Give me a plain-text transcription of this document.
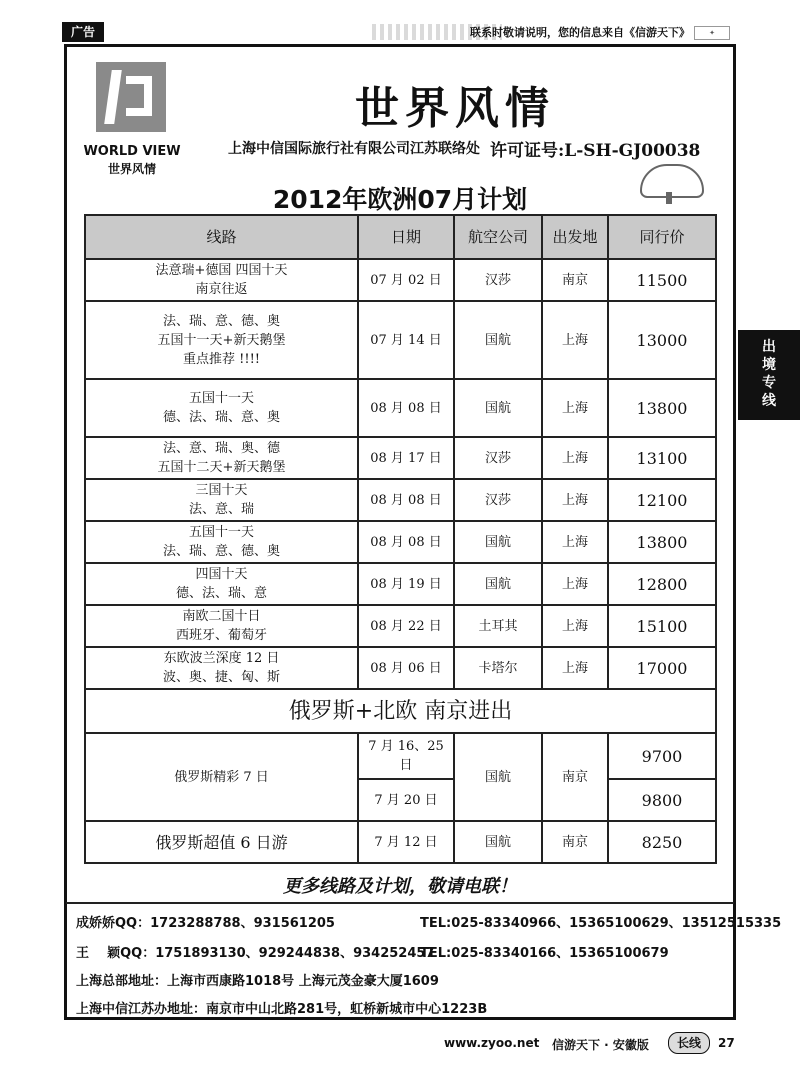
广告	联系时敬请说明，您的信息来自《信游天下》	✦
WORLD VIEW
世界风情
世界风情
上海中信国际旅行社有限公司江苏联络处 许可证号:L-SH-GJ00038
2012年欧洲07月计划
线路	日期	航空公司	出发地	同行价

法意瑞+德国 四国十天
南京往返	07 月 02 日	汉莎	南京	11500

法、瑞、意、德、奥
五国十一天+新天鹅堡
重点推荐 !!!!	07 月 14 日	国航	上海	13000

五国十一天
德、法、瑞、意、奥	08 月 08 日	国航	上海	13800

法、意、瑞、奥、德
五国十二天+新天鹅堡	08 月 17 日	汉莎	上海	13100

三国十天
法、意、瑞	08 月 08 日	汉莎	上海	12100

五国十一天
法、瑞、意、德、奥	08 月 08 日	国航	上海	13800

四国十天
德、法、瑞、意	08 月 19 日	国航	上海	12800

南欧二国十日
西班牙、葡萄牙	08 月 22 日	土耳其	上海	15100

东欧波兰深度 12 日
波、奥、捷、匈、斯	08 月 06 日	卡塔尔	上海	17000
俄罗斯+北欧 南京进出				
俄罗斯精彩 7 日	7 月 16、25
日	国航	南京	9700
	7 月 20 日			9800
俄罗斯超值 6 日游	7 月 12 日	国航	南京	8250
更多线路及计划，敬请电联！
成娇娇QQ：1723288788、931561205	TEL:025-83340966、15365100629、13512515335
王    颖QQ：1751893130、929244838、934252457
TEL:025-83340166、15365100679
上海总部地址：上海市西康路1018号 上海元茂金豪大厦1609
上海中信江苏办地址：南京市中山北路281号，虹桥新城市中心1223B
出
境
专
线
www.zyoo.net 信游天下 · 安徽版	长线	27
